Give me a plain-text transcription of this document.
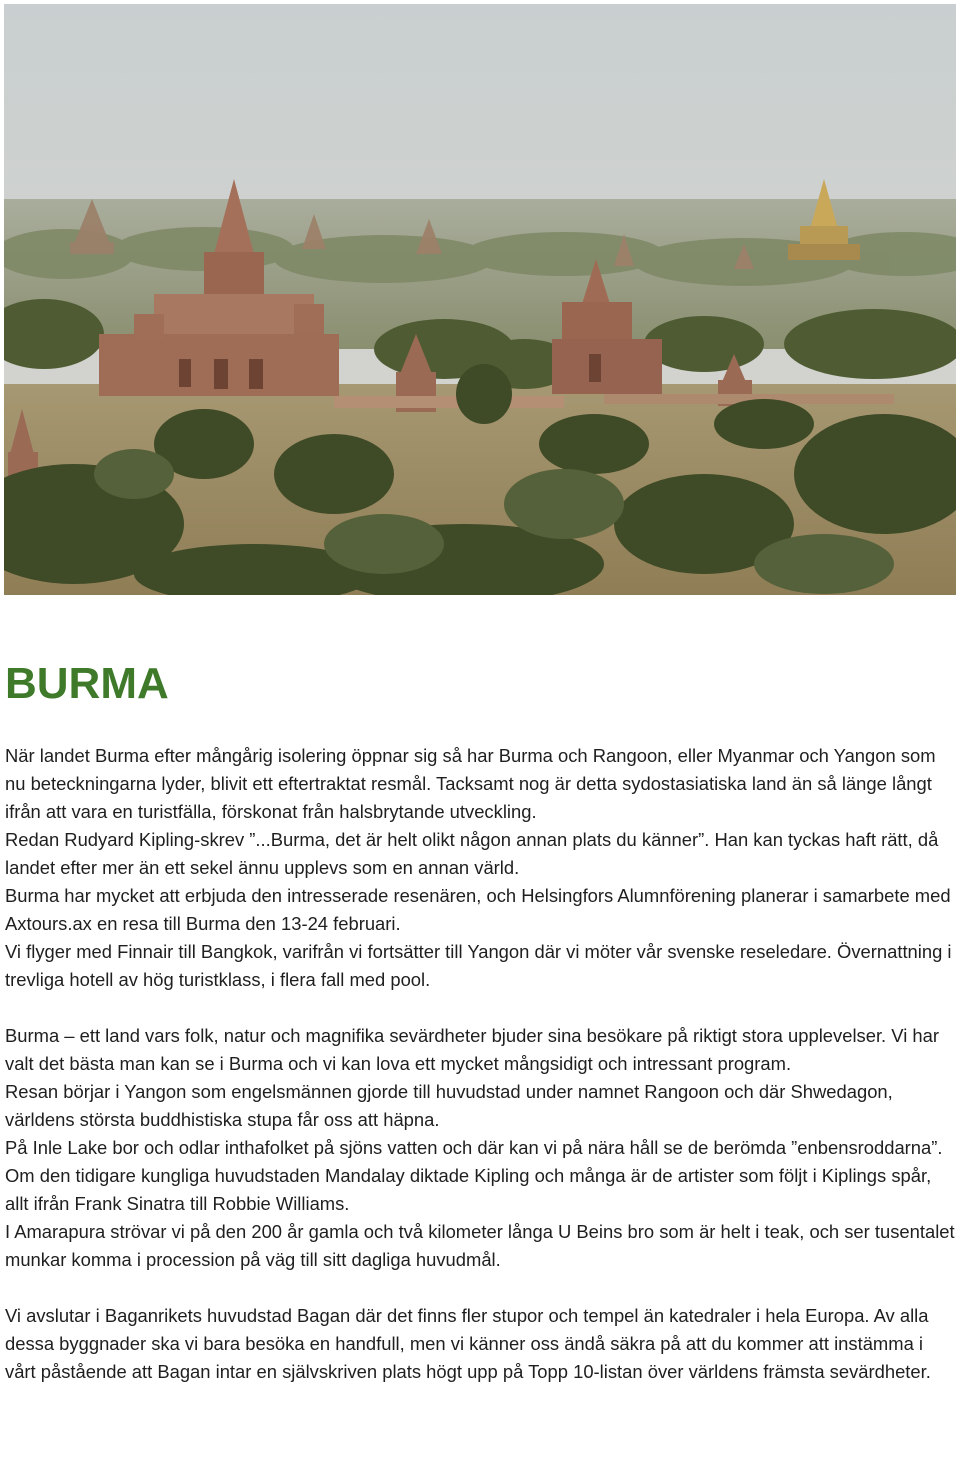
BURMA

När landet Burma efter mångårig isolering öppnar sig så har Burma och Rangoon, eller Myanmar och Yangon som nu beteckningarna lyder, blivit ett eftertraktat resmål. Tacksamt nog är detta sydostasiatiska land än så länge långt ifrån att vara en turistfälla, förskonat från halsbrytande utveckling.

Redan Rudyard Kipling-skrev ”...Burma, det är helt olikt någon annan plats du känner”. Han kan tyckas haft rätt, då landet efter mer än ett sekel ännu upplevs som en annan värld.

Burma har mycket att erbjuda den intresserade resenären, och Helsingfors Alumnförening planerar i samarbete med Axtours.ax en resa till Burma den 13-24 februari.

Vi flyger med Finnair till Bangkok, varifrån vi fortsätter till Yangon där vi möter vår svenske reseledare. Övernattning i trevliga hotell av hög turistklass, i flera fall med pool.

Burma – ett land vars folk, natur och magnifika sevärdheter bjuder sina besökare på riktigt stora upplevelser. Vi har valt det bästa man kan se i Burma och vi kan lova ett mycket mångsidigt och intressant program.

Resan börjar i Yangon som engelsmännen gjorde till huvudstad under namnet Rangoon och där Shwedagon, världens största buddhistiska stupa får oss att häpna.

På Inle Lake bor och odlar inthafolket på sjöns vatten och där kan vi på nära håll se de berömda ”enbensroddarna”. Om den tidigare kungliga huvudstaden Mandalay diktade Kipling och många är de artister som följt i Kiplings spår, allt ifrån Frank Sinatra till Robbie Williams.

I Amarapura strövar vi på den 200 år gamla och två kilometer långa U Beins bro som är helt i teak, och ser tusentalet munkar komma i procession på väg till sitt dagliga huvudmål.

Vi avslutar i Baganrikets huvudstad Bagan där det finns fler stupor och tempel än katedraler i hela Europa. Av alla dessa byggnader ska vi bara besöka en handfull, men vi känner oss ändå säkra på att du kommer att instämma i vårt påstående att Bagan intar en självskriven plats högt upp på Topp 10-listan över världens främsta sevärdheter.
